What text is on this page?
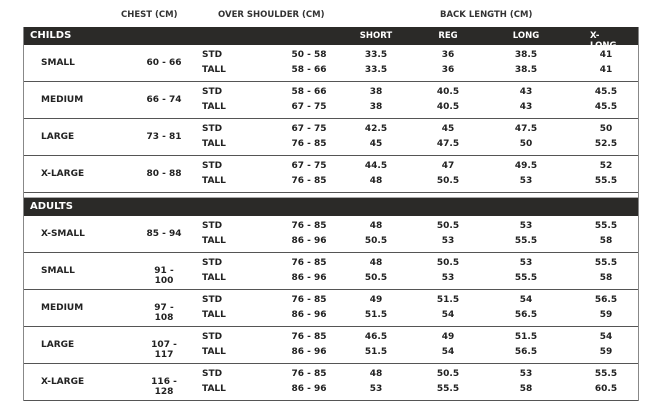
CHEST (CM)	OVER SHOULDER (CM)	BACK LENGTH (CM)
CHILDS	SHORT	REG	LONG	X-LONG
SMALL	60 - 66
STD	50 - 58	33.5	36	38.5	41
TALL	58 - 66	33.5	36	38.5	41
MEDIUM	66 - 74
STD	58 - 66	38	40.5	43	45.5
TALL	67 - 75	38	40.5	43	45.5
LARGE	73 - 81
STD	67 - 75	42.5	45	47.5	50
TALL	76 - 85	45	47.5	50	52.5
X-LARGE	80 - 88
STD	67 - 75	44.5	47	49.5	52
TALL	76 - 85	48	50.5	53	55.5
ADULTS
X-SMALL	85 - 94
STD	76 - 85	48	50.5	53	55.5
TALL	86 - 96	50.5	53	55.5	58
SMALL	91 - 100
STD	76 - 85	48	50.5	53	55.5
TALL	86 - 96	50.5	53	55.5	58
MEDIUM	97 - 108
STD	76 - 85	49	51.5	54	56.5
TALL	86 - 96	51.5	54	56.5	59
LARGE	107 - 117
STD	76 - 85	46.5	49	51.5	54
TALL	86 - 96	51.5	54	56.5	59
X-LARGE	116 - 128
STD	76 - 85	48	50.5	53	55.5
TALL	86 - 96	53	55.5	58	60.5
